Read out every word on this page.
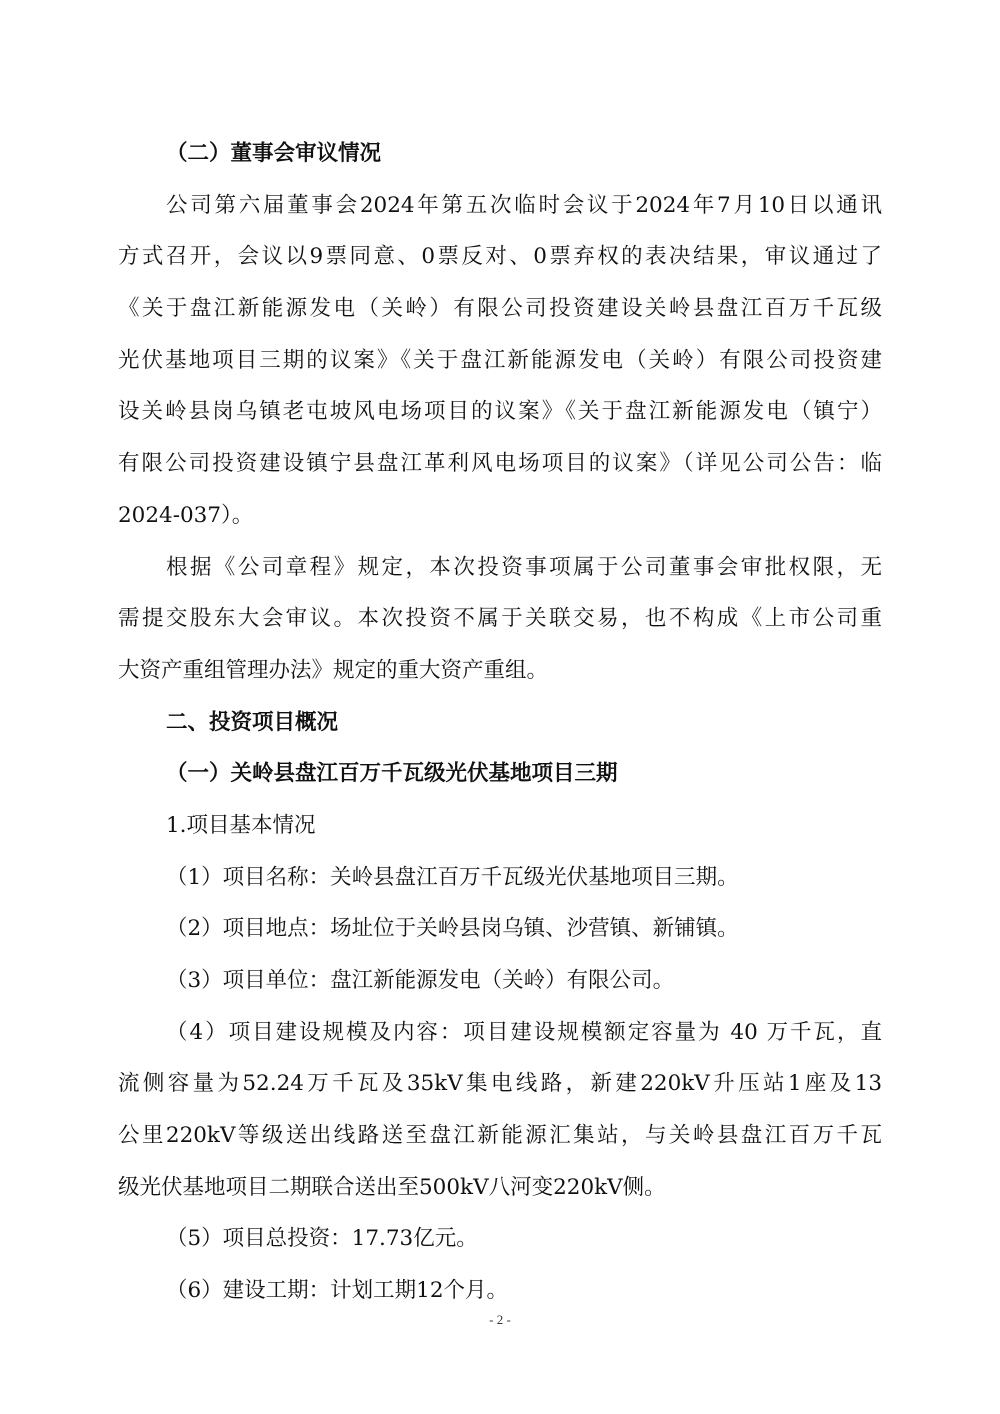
（二）董事会审议情况
公司第六届董事会2024年第五次临时会议于2024年7月10日以通讯
方式召开，会议以9票同意、0票反对、0票弃权的表决结果，审议通过了
《关于盘江新能源发电（关岭）有限公司投资建设关岭县盘江百万千瓦级
光伏基地项目三期的议案》《关于盘江新能源发电（关岭）有限公司投资建
设关岭县岗乌镇老屯坡风电场项目的议案》《关于盘江新能源发电（镇宁）
有限公司投资建设镇宁县盘江革利风电场项目的议案》（详见公司公告：临
2024-037）。
根据《公司章程》规定，本次投资事项属于公司董事会审批权限，无
需提交股东大会审议。本次投资不属于关联交易，也不构成《上市公司重
大资产重组管理办法》规定的重大资产重组。
二、投资项目概况
（一）关岭县盘江百万千瓦级光伏基地项目三期
1.项目基本情况
（1）项目名称：关岭县盘江百万千瓦级光伏基地项目三期。
（2）项目地点：场址位于关岭县岗乌镇、沙营镇、新铺镇。
（3）项目单位：盘江新能源发电（关岭）有限公司。
（4）项目建设规模及内容：项目建设规模额定容量为 40 万千瓦，直
流侧容量为52.24万千瓦及35kV集电线路，新建220kV升压站1座及13
公里220kV等级送出线路送至盘江新能源汇集站，与关岭县盘江百万千瓦
级光伏基地项目二期联合送出至500kV八河变220kV侧。
（5）项目总投资：17.73亿元。
（6）建设工期：计划工期12个月。
- 2 -
